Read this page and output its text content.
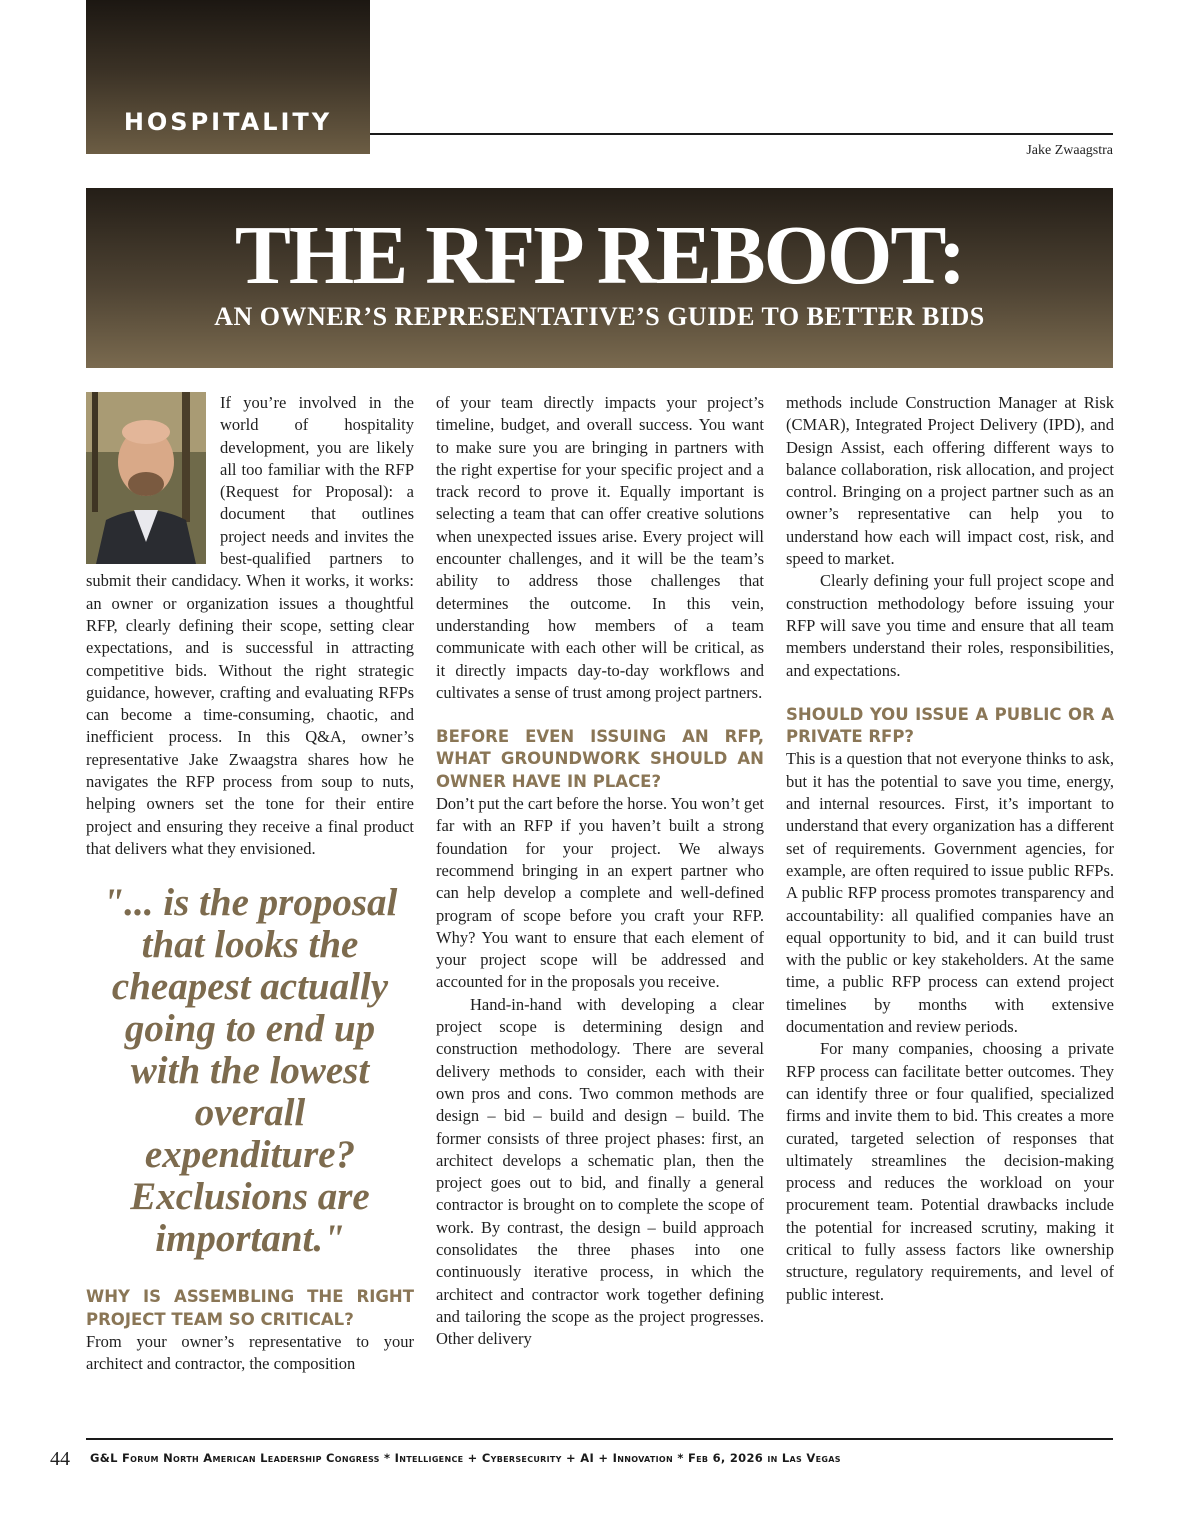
HOSPITALITY
Jake Zwaagstra
THE RFP REBOOT:
AN OWNER’S REPRESENTATIVE’S GUIDE TO BETTER BIDS

If you’re involved in the world of hospitality development, you are likely all too familiar with the RFP (Request for Proposal): a document that outlines project needs and invites the best-qualified partners to submit their candidacy. When it works, it works: an owner or organization issues a thoughtful RFP, clearly defining their scope, setting clear expectations, and is successful in attracting competitive bids. Without the right strategic guidance, however, crafting and evaluating RFPs can become a time-consuming, chaotic, and inefficient process. In this Q&A, owner’s representative Jake Zwaagstra shares how he navigates the RFP process from soup to nuts, helping owners set the tone for their entire project and ensuring they receive a final product that delivers what they envisioned.

"... is the proposal that looks the cheapest actually going to end up with the lowest overall expenditure? Exclusions are important."
WHY IS ASSEMBLING THE RIGHT PROJECT TEAM SO CRITICAL?

From your owner’s representative to your architect and contractor, the composition

of your team directly impacts your project’s timeline, budget, and overall success. You want to make sure you are bringing in partners with the right expertise for your specific project and a track record to prove it. Equally important is selecting a team that can offer creative solutions when unexpected issues arise. Every project will encounter challenges, and it will be the team’s ability to address those challenges that determines the outcome. In this vein, understanding how members of a team communicate with each other will be critical, as it directly impacts day-to-day workflows and cultivates a sense of trust among project partners.

BEFORE EVEN ISSUING AN RFP, WHAT GROUNDWORK SHOULD AN OWNER HAVE IN PLACE?

Don’t put the cart before the horse. You won’t get far with an RFP if you haven’t built a strong foundation for your project. We always recommend bringing in an expert partner who can help develop a complete and well-defined program of scope before you craft your RFP. Why? You want to ensure that each element of your project scope will be addressed and accounted for in the proposals you receive.

Hand-in-hand with developing a clear project scope is determining design and construction methodology. There are several delivery methods to consider, each with their own pros and cons. Two common methods are design – bid – build and design – build. The former consists of three project phases: first, an architect develops a schematic plan, then the project goes out to bid, and finally a general contractor is brought on to complete the scope of work. By contrast, the design – build approach consolidates the three phases into one continuously iterative process, in which the architect and contractor work together defining and tailoring the scope as the project progresses. Other delivery

methods include Construction Manager at Risk (CMAR), Integrated Project Delivery (IPD), and Design Assist, each offering different ways to balance collaboration, risk allocation, and project control. Bringing on a project partner such as an owner’s representative can help you to understand how each will impact cost, risk, and speed to market.

Clearly defining your full project scope and construction methodology before issuing your RFP will save you time and ensure that all team members understand their roles, responsibilities, and expectations.

SHOULD YOU ISSUE A PUBLIC OR A PRIVATE RFP?

This is a question that not everyone thinks to ask, but it has the potential to save you time, energy, and internal resources. First, it’s important to understand that every organization has a different set of requirements. Government agencies, for example, are often required to issue public RFPs. A public RFP process promotes transparency and accountability: all qualified companies have an equal opportunity to bid, and it can build trust with the public or key stakeholders. At the same time, a public RFP process can extend project timelines by months with extensive documentation and review periods.

For many companies, choosing a private RFP process can facilitate better outcomes. They can identify three or four qualified, specialized firms and invite them to bid. This creates a more curated, targeted selection of responses that ultimately streamlines the decision-making process and reduces the workload on your procurement team. Potential drawbacks include the potential for increased scrutiny, making it critical to fully assess factors like ownership structure, regulatory requirements, and level of public interest.

44 G&L Forum North American Leadership Congress * Intelligence + Cybersecurity + AI + Innovation * Feb 6, 2026 in Las Vegas
